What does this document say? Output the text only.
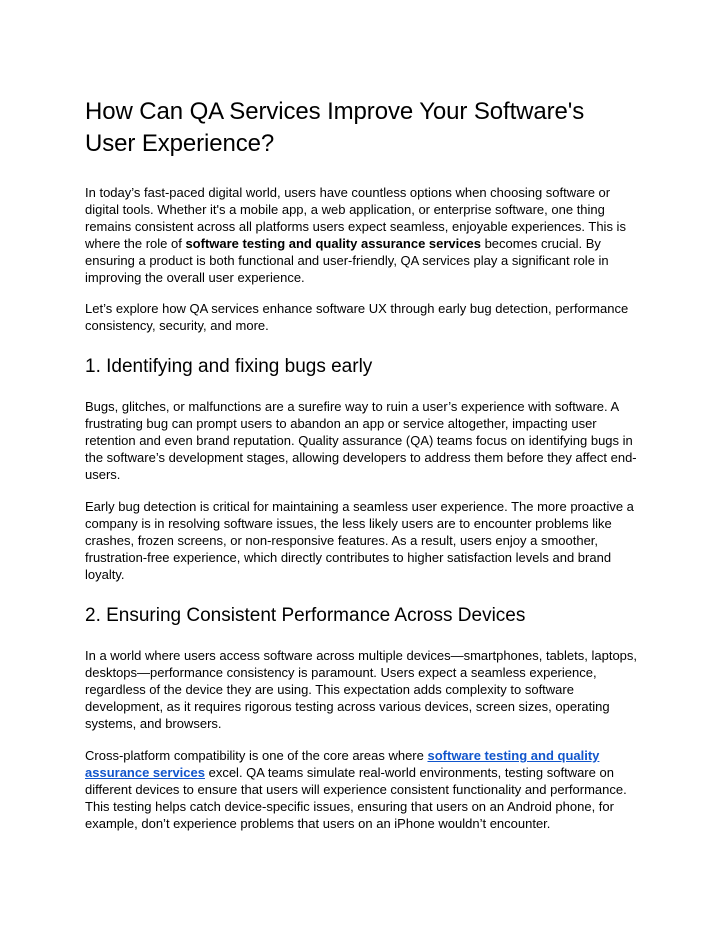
How Can QA Services Improve Your Software's User Experience?

In today’s fast-paced digital world, users have countless options when choosing software or digital tools. Whether it's a mobile app, a web application, or enterprise software, one thing remains consistent across all platforms users expect seamless, enjoyable experiences. This is where the role of software testing and quality assurance services becomes crucial. By ensuring a product is both functional and user-friendly, QA services play a significant role in improving the overall user experience.

Let’s explore how QA services enhance software UX through early bug detection, performance consistency, security, and more.

1. Identifying and fixing bugs early

Bugs, glitches, or malfunctions are a surefire way to ruin a user’s experience with software. A frustrating bug can prompt users to abandon an app or service altogether, impacting user retention and even brand reputation. Quality assurance (QA) teams focus on identifying bugs in the software’s development stages, allowing developers to address them before they affect end-users.

Early bug detection is critical for maintaining a seamless user experience. The more proactive a company is in resolving software issues, the less likely users are to encounter problems like crashes, frozen screens, or non-responsive features. As a result, users enjoy a smoother, frustration-free experience, which directly contributes to higher satisfaction levels and brand loyalty.

2. Ensuring Consistent Performance Across Devices

In a world where users access software across multiple devices—smartphones, tablets, laptops, desktops—performance consistency is paramount. Users expect a seamless experience, regardless of the device they are using. This expectation adds complexity to software development, as it requires rigorous testing across various devices, screen sizes, operating systems, and browsers.

Cross-platform compatibility is one of the core areas where software testing and quality assurance services excel. QA teams simulate real-world environments, testing software on different devices to ensure that users will experience consistent functionality and performance. This testing helps catch device-specific issues, ensuring that users on an Android phone, for example, don’t experience problems that users on an iPhone wouldn’t encounter.
